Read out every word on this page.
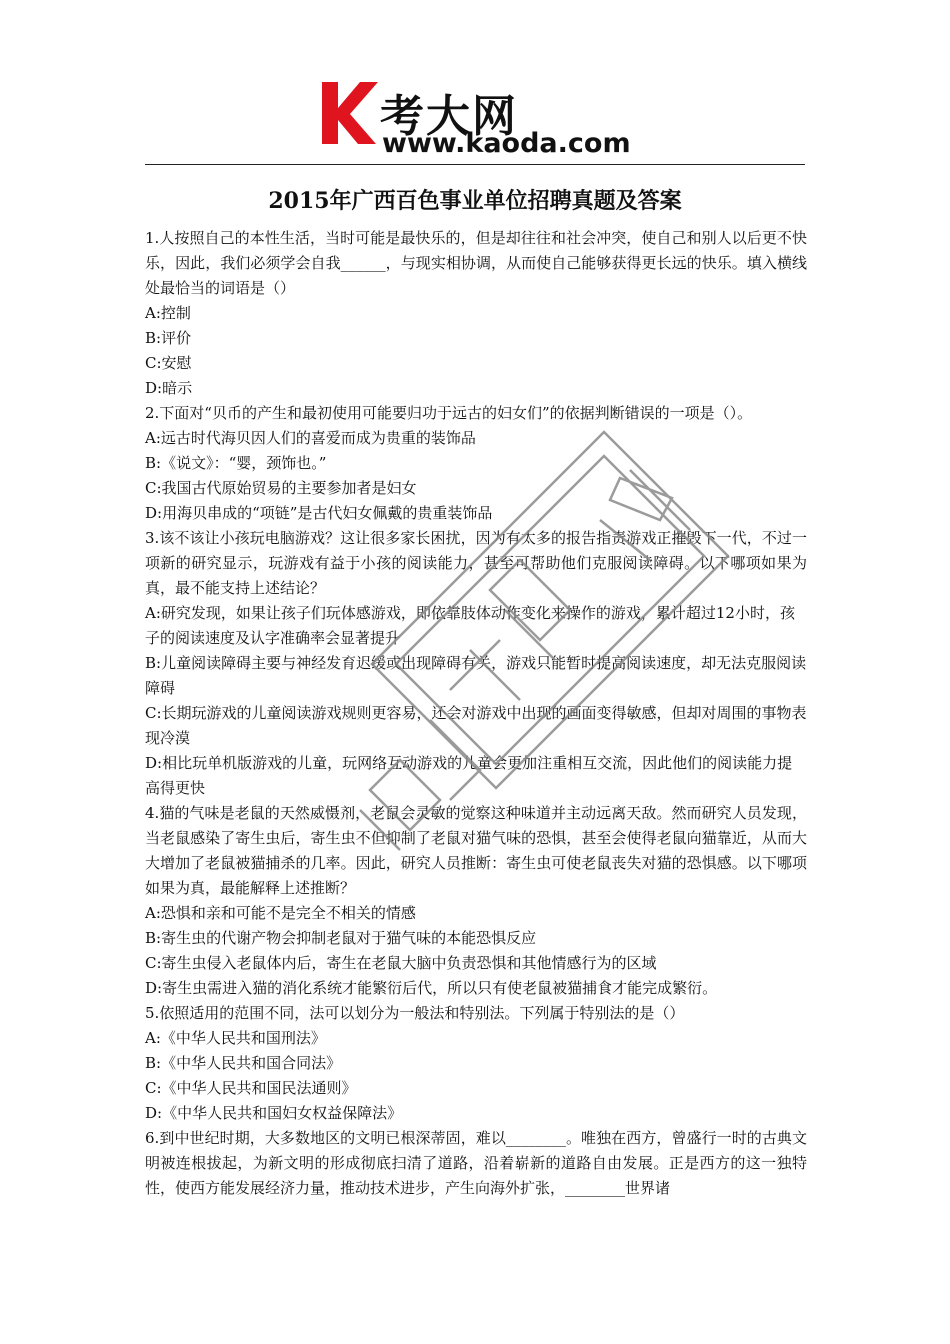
考大网
www.kaoda.com
2015年广西百色事业单位招聘真题及答案

1.人按照自己的本性生活，当时可能是最快乐的，但是却往往和社会冲突，使自己和别人以后更不快乐，因此，我们必须学会自我______，与现实相协调，从而使自己能够获得更长远的快乐。填入横线处最恰当的词语是（）

A:控制

B:评价

C:安慰

D:暗示

2.下面对“贝币的产生和最初使用可能要归功于远古的妇女们”的依据判断错误的一项是（）。

A:远古时代海贝因人们的喜爱而成为贵重的装饰品

B:《说文》：“婴，颈饰也。”

C:我国古代原始贸易的主要参加者是妇女

D:用海贝串成的“项链”是古代妇女佩戴的贵重装饰品

3.该不该让小孩玩电脑游戏？这让很多家长困扰，因为有太多的报告指责游戏正摧毁下一代，不过一项新的研究显示，玩游戏有益于小孩的阅读能力，甚至可帮助他们克服阅读障碍。以下哪项如果为真，最不能支持上述结论？

A:研究发现，如果让孩子们玩体感游戏，即依靠肢体动作变化来操作的游戏，累计超过12小时，孩子的阅读速度及认字准确率会显著提升

B:儿童阅读障碍主要与神经发育迟缓或出现障碍有关，游戏只能暂时提高阅读速度，却无法克服阅读障碍

C:长期玩游戏的儿童阅读游戏规则更容易，还会对游戏中出现的画面变得敏感，但却对周围的事物表现冷漠

D:相比玩单机版游戏的儿童，玩网络互动游戏的儿童会更加注重相互交流，因此他们的阅读能力提高得更快

4.猫的气味是老鼠的天然威慑剂，老鼠会灵敏的觉察这种味道并主动远离天敌。然而研究人员发现，当老鼠感染了寄生虫后，寄生虫不但抑制了老鼠对猫气味的恐惧，甚至会使得老鼠向猫靠近，从而大大增加了老鼠被猫捕杀的几率。因此，研究人员推断：寄生虫可使老鼠丧失对猫的恐惧感。以下哪项如果为真，最能解释上述推断？

A:恐惧和亲和可能不是完全不相关的情感

B:寄生虫的代谢产物会抑制老鼠对于猫气味的本能恐惧反应

C:寄生虫侵入老鼠体内后，寄生在老鼠大脑中负责恐惧和其他情感行为的区域

D:寄生虫需进入猫的消化系统才能繁衍后代，所以只有使老鼠被猫捕食才能完成繁衍。

5.依照适用的范围不同，法可以划分为一般法和特别法。下列属于特别法的是（）

A:《中华人民共和国刑法》

B:《中华人民共和国合同法》

C:《中华人民共和国民法通则》

D:《中华人民共和国妇女权益保障法》

6.到中世纪时期，大多数地区的文明已根深蒂固，难以________。唯独在西方，曾盛行一时的古典文明被连根拔起，为新文明的形成彻底扫清了道路，沿着崭新的道路自由发展。正是西方的这一独特性，使西方能发展经济力量，推动技术进步，产生向海外扩张，________世界诸
